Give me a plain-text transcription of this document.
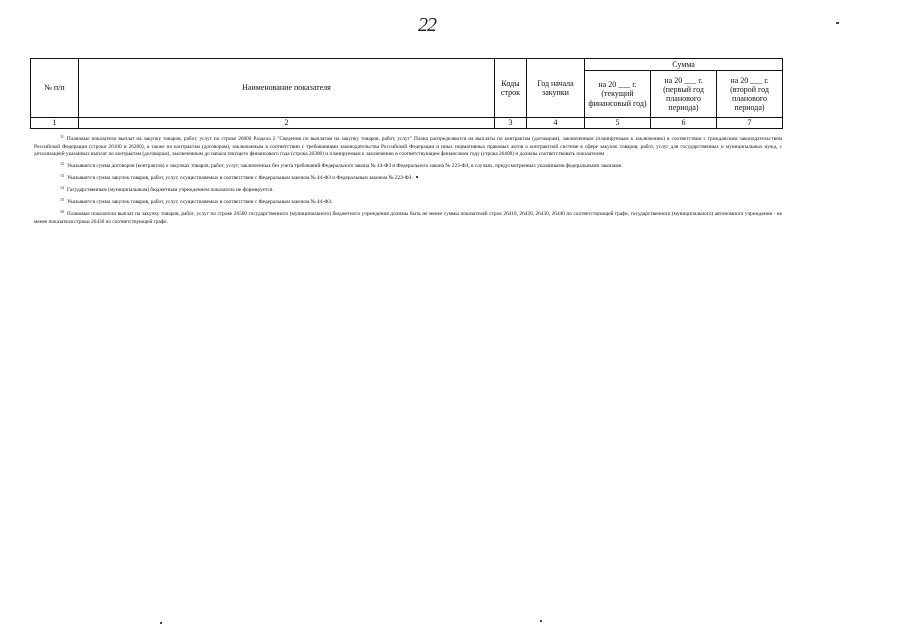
22
№ п/п	Наименование показателя	Коды строк	Год начала закупки	Сумма		

				на 20 ___ г. (текущий финансовый год)	на 20 ___ г. (первый год планового периода)	на 20 ___ г. (второй год планового периода)

1	2	3	4	5	6	7

$^{11}$ Плановые показатели выплат на закупку товаров, работ, услуг по строке 26000 Раздела 2 "Сведения по выплатам на закупку товаров, работ, услуг" Плана распределяются на выплаты по контрактам (договорам), заключенным (планируемым к заключению) в соответствии с гражданским законодательством Российской Федерации (строки 26100 и 26200), а также по контрактам (договорам), заключаемым в соответствии с требованиями законодательства Российской Федерации и иных нормативных правовых актов о контрактной системе в сфере закупок товаров, работ, услуг для государственных и муниципальных нужд, с детализацией указанных выплат по контрактам (договорам), заключенным до начала текущего финансового года (строка 26300) и планируемым к заключению в соответствующем финансовом году (строка 26400) и должны соответствовать показателям

$^{12}$ Указывается сумма договоров (контрактов) о закупках товаров, работ, услуг, заключенных без учета требований Федерального закона № 44-ФЗ и Федерального закона № 223-ФЗ, в случаях, предусмотренных указанными федеральными законами.

$^{13}$ Указывается сумма закупок товаров, работ, услуг, осуществляемых в соответствии с Федеральным законом № 44-ФЗ и Федеральным законом № 223-ФЗ.

$^{14}$ Государственным (муниципальным) бюджетным учреждением показатель не формируется.

$^{15}$ Указывается сумма закупок товаров, работ, услуг, осуществляемых в соответствии с Федеральным законом № 44-ФЗ.

$^{16}$ Плановые показатели выплат на закупку товаров, работ, услуг по строке 26500 государственного (муниципального) бюджетного учреждения должны быть не менее суммы показателей строк 26410, 26420, 26430, 26440 по соответствующей графе, государственного (муниципального) автономного учреждения - не менее показателя строки 26430 по соответствующей графе.
